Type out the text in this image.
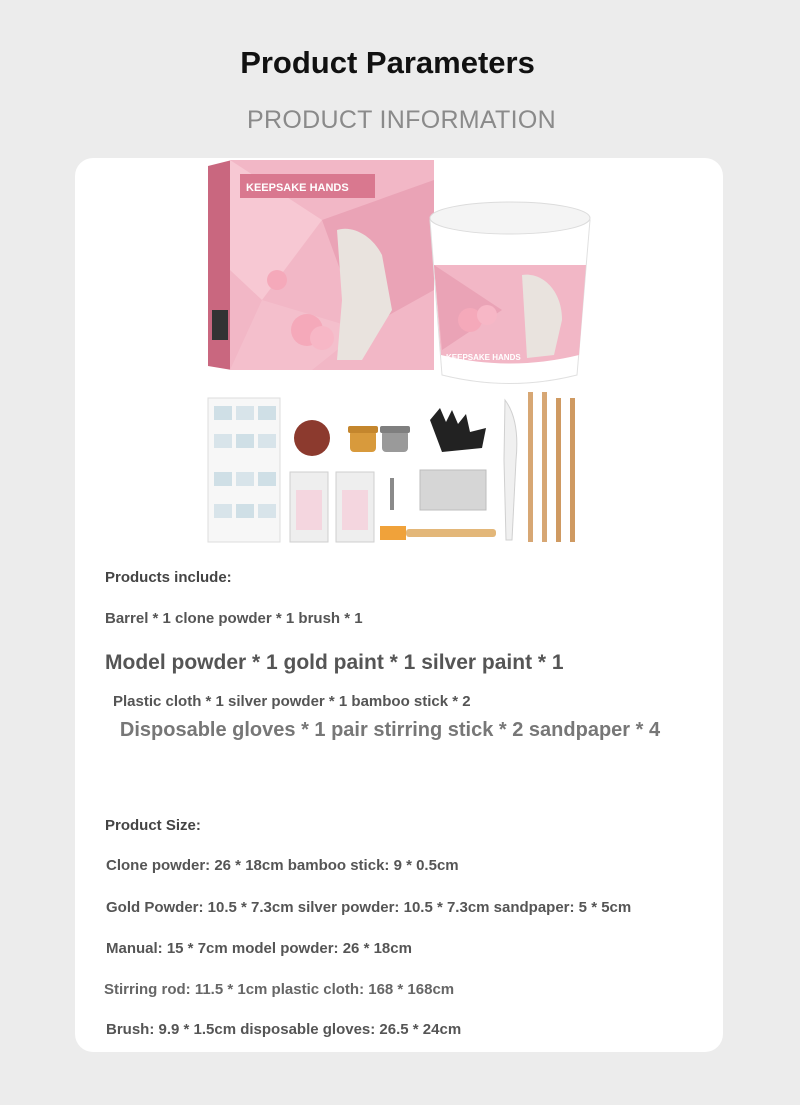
Product Parameters
PRODUCT INFORMATION
KEEPSAKE HANDS
KEEPSAKE HANDS
Products include:
Barrel * 1 clone powder * 1 brush * 1
Model powder * 1 gold paint * 1 silver paint * 1
Plastic cloth * 1 silver powder * 1 bamboo stick * 2
Disposable gloves * 1 pair stirring stick * 2 sandpaper * 4
Product Size:
Clone powder: 26 * 18cm bamboo stick: 9 * 0.5cm
Gold Powder: 10.5 * 7.3cm silver powder: 10.5 * 7.3cm sandpaper: 5 * 5cm
Manual: 15 * 7cm model powder: 26 * 18cm
Stirring rod: 11.5 * 1cm plastic cloth: 168 * 168cm
Brush: 9.9 * 1.5cm disposable gloves: 26.5 * 24cm
